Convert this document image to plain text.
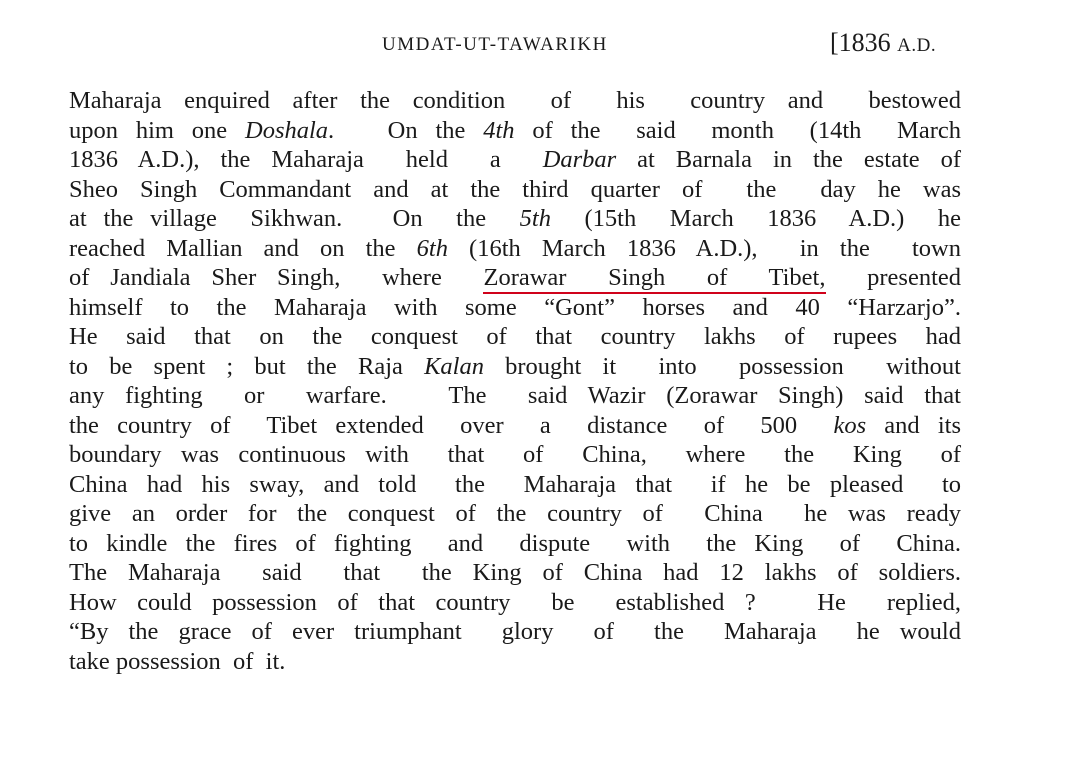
UMDAT-UT-TAWARIKH	[1836 A.D.
Maharaja enquired after the condition  of  his  country and  bestowed
upon him one Doshala.   On the 4th of the  said  month  (14th  March
1836 A.D.), the Maharaja  held  a  Darbar at Barnala in the estate of
Sheo Singh Commandant and at the third quarter of  the  day he was
at the village  Sikhwan.   On  the  5th  (15th  March  1836  A.D.)  he
reached Mallian and on the 6th (16th March 1836 A.D.),  in the  town
of Jandiala Sher Singh,  where  Zorawar  Singh  of  Tibet,  presented
himself to the Maharaja with some “Gont” horses and 40 “Harzarjo”.
He said that on the conquest of that country lakhs of rupees had
to be spent ; but the Raja Kalan brought it  into  possession  without
any fighting  or  warfare.   The  said Wazir (Zorawar Singh) said that
the country of  Tibet extended  over  a  distance  of  500  kos and its
boundary was continuous with  that  of  China,  where  the  King  of
China had his sway, and told  the  Maharaja that  if he be pleased  to
give an order for the conquest of the country of  China  he was ready
to kindle the fires of fighting  and  dispute  with  the King  of  China.
The Maharaja  said  that  the King of China had 12 lakhs of soldiers.
How could possession of that country  be  established ?   He  replied,
“By the grace of ever triumphant  glory  of  the  Maharaja  he would
take possession  of  it.
